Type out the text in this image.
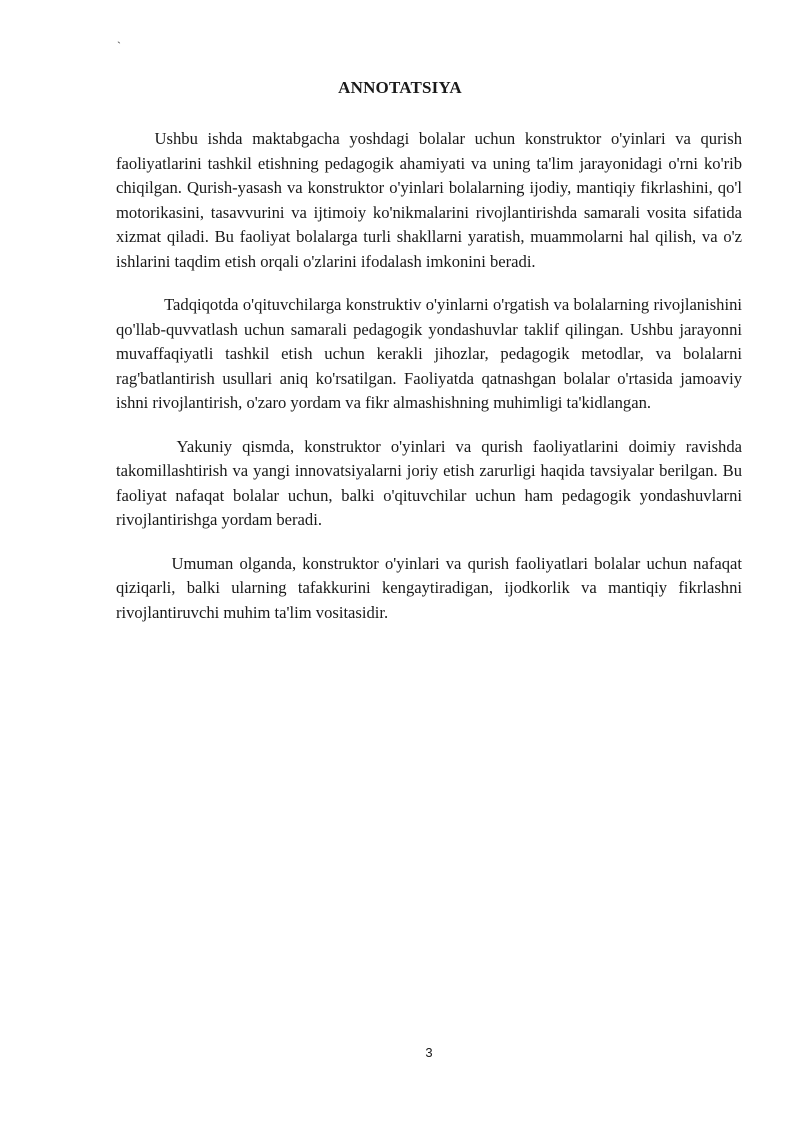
`
ANNOTATSIYA

Ushbu ishda maktabgacha yoshdagi bolalar uchun konstruktor o'yinlari va qurish faoliyatlarini tashkil etishning pedagogik ahamiyati va uning ta'lim jarayonidagi o'rni ko'rib chiqilgan. Qurish-yasash va konstruktor o'yinlari bolalarning ijodiy, mantiqiy fikrlashini, qo'l motorikasini, tasavvurini va ijtimoiy ko'nikmalarini rivojlantirishda samarali vosita sifatida xizmat qiladi. Bu faoliyat bolalarga turli shakllarni yaratish, muammolarni hal qilish, va o'z ishlarini taqdim etish orqali o'zlarini ifodalash imkonini beradi.

Tadqiqotda o'qituvchilarga konstruktiv o'yinlarni o'rgatish va bolalarning rivojlanishini qo'llab-quvvatlash uchun samarali pedagogik yondashuvlar taklif qilingan. Ushbu jarayonni muvaffaqiyatli tashkil etish uchun kerakli jihozlar, pedagogik metodlar, va bolalarni rag'batlantirish usullari aniq ko'rsatilgan. Faoliyatda qatnashgan bolalar o'rtasida jamoaviy ishni rivojlantirish, o'zaro yordam va fikr almashishning muhimligi ta'kidlangan.

Yakuniy qismda, konstruktor o'yinlari va qurish faoliyatlarini doimiy ravishda takomillashtirish va yangi innovatsiyalarni joriy etish zarurligi haqida tavsiyalar berilgan. Bu faoliyat nafaqat bolalar uchun, balki o'qituvchilar uchun ham pedagogik yondashuvlarni rivojlantirishga yordam beradi.

Umuman olganda, konstruktor o'yinlari va qurish faoliyatlari bolalar uchun nafaqat qiziqarli, balki ularning tafakkurini kengaytiradigan, ijodkorlik va mantiqiy fikrlashni rivojlantiruvchi muhim ta'lim vositasidir.

3
